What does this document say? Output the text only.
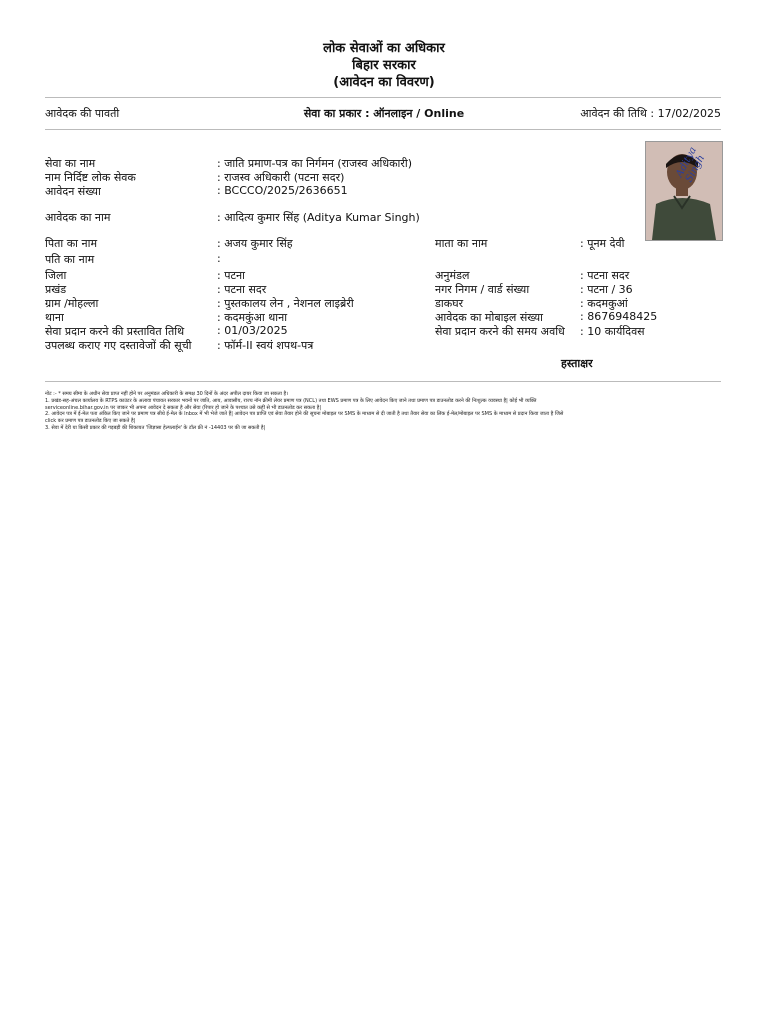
लोक सेवाओं का अधिकार
बिहार सरकार
(आवेदन का विवरण)
आवेदक की पावती	सेवा का प्रकार : ऑनलाइन / Online	आवेदन की तिथि : 17/02/2025
Aditya Singh
सेवा का नाम	: जाति प्रमाण-पत्र का निर्गमन (राजस्व अधिकारी)
नाम निर्दिष्ट लोक सेवक	: राजस्व अधिकारी (पटना सदर)
आवेदन संख्या	: BCCCO/2025/2636651
आवेदक का नाम	: आदित्य कुमार सिंह (Aditya Kumar Singh)
पिता का नाम	: अजय कुमार सिंह	माता का नाम	: पूनम देवी
पति का नाम	:
जिला	: पटना	अनुमंडल	: पटना सदर
प्रखंड	: पटना सदर	नगर निगम / वार्ड संख्या	: पटना / 36
ग्राम /मोहल्ला	: पुस्तकालय लेन , नेशनल लाइब्रेरी	डाकघर	: कदमकुआं
थाना	: कदमकुंआ थाना	आवेदक का मोबाइल संख्या	: 8676948425
सेवा प्रदान करने की प्रस्तावित तिथि	: 01/03/2025	सेवा प्रदान करने की समय अवधि : 10 कार्यदिवस
उपलब्ध कराए गए दस्तावेजों की सूची : फॉर्म-II स्वयं शपथ-पत्र
हस्ताक्षर
नोट :- * समय सीमा के अधीन सेवा प्राप्त नहीं होने पर अनुमंडल अधिकारी के समक्ष 30 दिनों के अंदर अपील दायर किया जा सकता है।
1. प्रखंड-सह-अंचल कार्यालय के RTPS काउंटर के अलावा पंचायत सरकार भवनों पर जाति, आय, आवासीय, राज्य नॉन क्रीमी लेयर प्रमाण पत्र (NCL) तथा EWS प्रमाण पत्र के लिए आवेदन किए जाने तथा प्रमाण पत्र डाउनलोड करने की निःशुल्क व्यवस्था है| कोई भी व्यक्ति
serviceonline.bihar.gov.in पर जाकर भी अपना आवेदन दे सकता है और सेवा (रिपार हो जाने के पश्चात उसे कहीं से भी डाउनलोड कर सकता है|
2. आवेदन पत्र में ई-मेल पता अंकित किए जाने पर प्रमाण पत्र सीधे ई-मेल के Inbox में भी भेजे जाते हैं| आवेदन पत्र प्राप्ति एवं सेवा तैयार होने की सूचना मोबाइल पर SMS के माध्यम से दी जाती है तथा तैयार सेवा का लिंक ई-मेल/मोबाइल पर SMS के माध्यम से प्रदान किया जाता है जिसे
click कर प्रमाण पत्र डाउनलोड किए जा सकते है|
3. सेवा में देरी या किसी प्रकार की गड़बड़ी की शिकायत 'जिज्ञासा हेल्पलाईन' के टॉल फ्री नं -14403 पर की जा सकती है|
